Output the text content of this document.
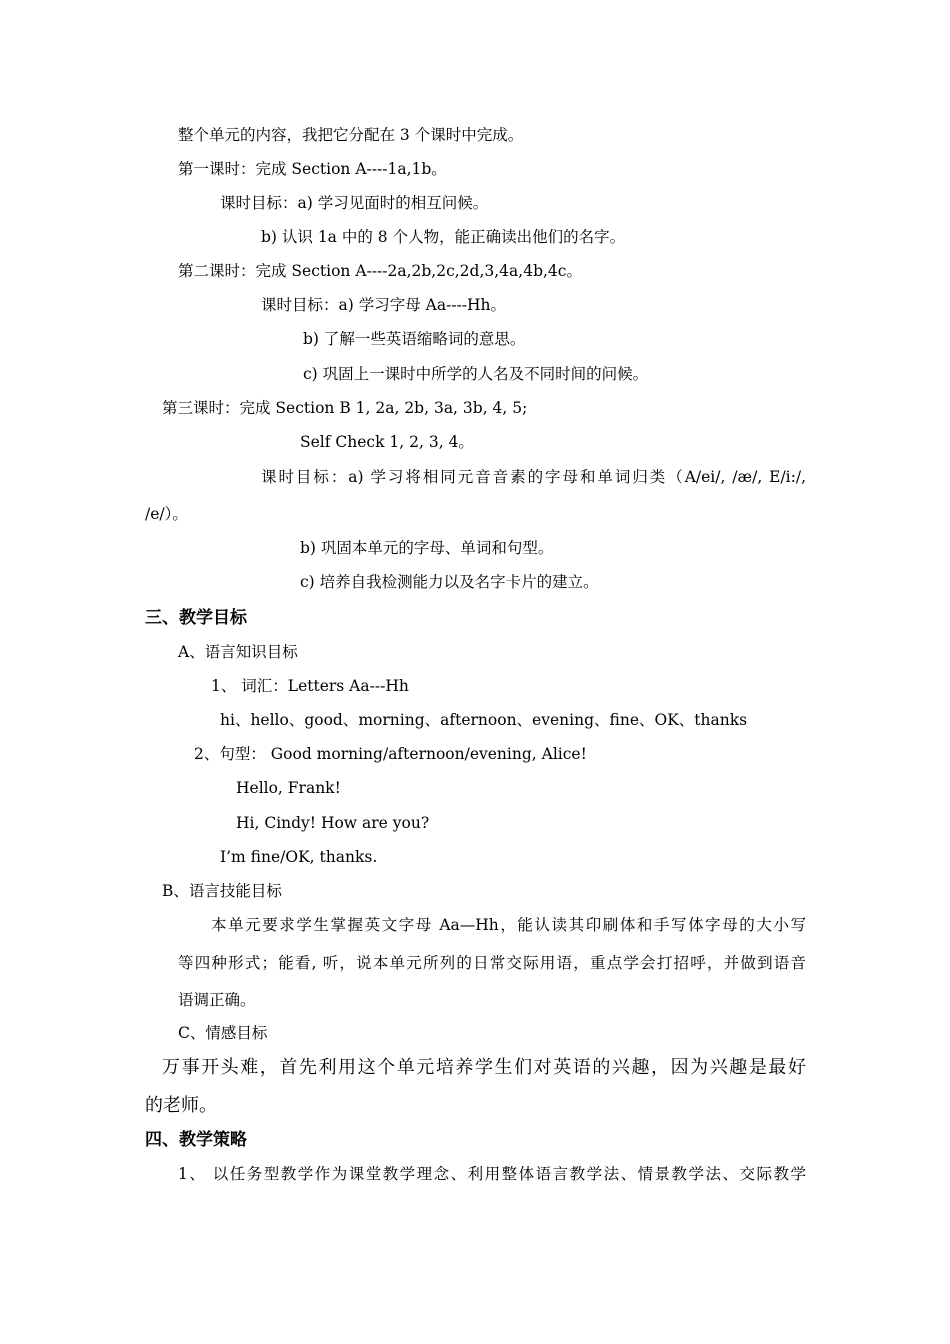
整个单元的内容，我把它分配在 3 个课时中完成。
第一课时：完成 Section A----1a,1b。
课时目标：a) 学习见面时的相互问候。
b) 认识 1a 中的 8 个人物，能正确读出他们的名字。
第二课时：完成 Section A----2a,2b,2c,2d,3,4a,4b,4c。
课时目标：a) 学习字母 Aa----Hh。
b) 了解一些英语缩略词的意思。
c) 巩固上一课时中所学的人名及不同时间的问候。
第三课时：完成 Section B 1, 2a, 2b, 3a, 3b, 4, 5;
Self Check 1, 2, 3, 4。
课时目标：a) 学习将相同元音音素的字母和单词归类（A/ei/, /æ/, E/i:/,
/e/）。
b) 巩固本单元的字母、单词和句型。
c) 培养自我检测能力以及名字卡片的建立。
三、教学目标
A、语言知识目标
1、 词汇：Letters Aa---Hh
hi、hello、good、morning、afternoon、evening、fine、OK、thanks
2、句型： Good morning/afternoon/evening, Alice!
Hello, Frank!
Hi, Cindy! How are you?
I’m fine/OK, thanks.
B、语言技能目标
本单元要求学生掌握英文字母 Aa—Hh，能认读其印刷体和手写体字母的大小写
等四种形式；能看, 听，说本单元所列的日常交际用语，重点学会打招呼，并做到语音
语调正确。
C、情感目标
万事开头难，首先利用这个单元培养学生们对英语的兴趣，因为兴趣是最好
的老师。
四、教学策略
1、 以任务型教学作为课堂教学理念、利用整体语言教学法、情景教学法、交际教学
